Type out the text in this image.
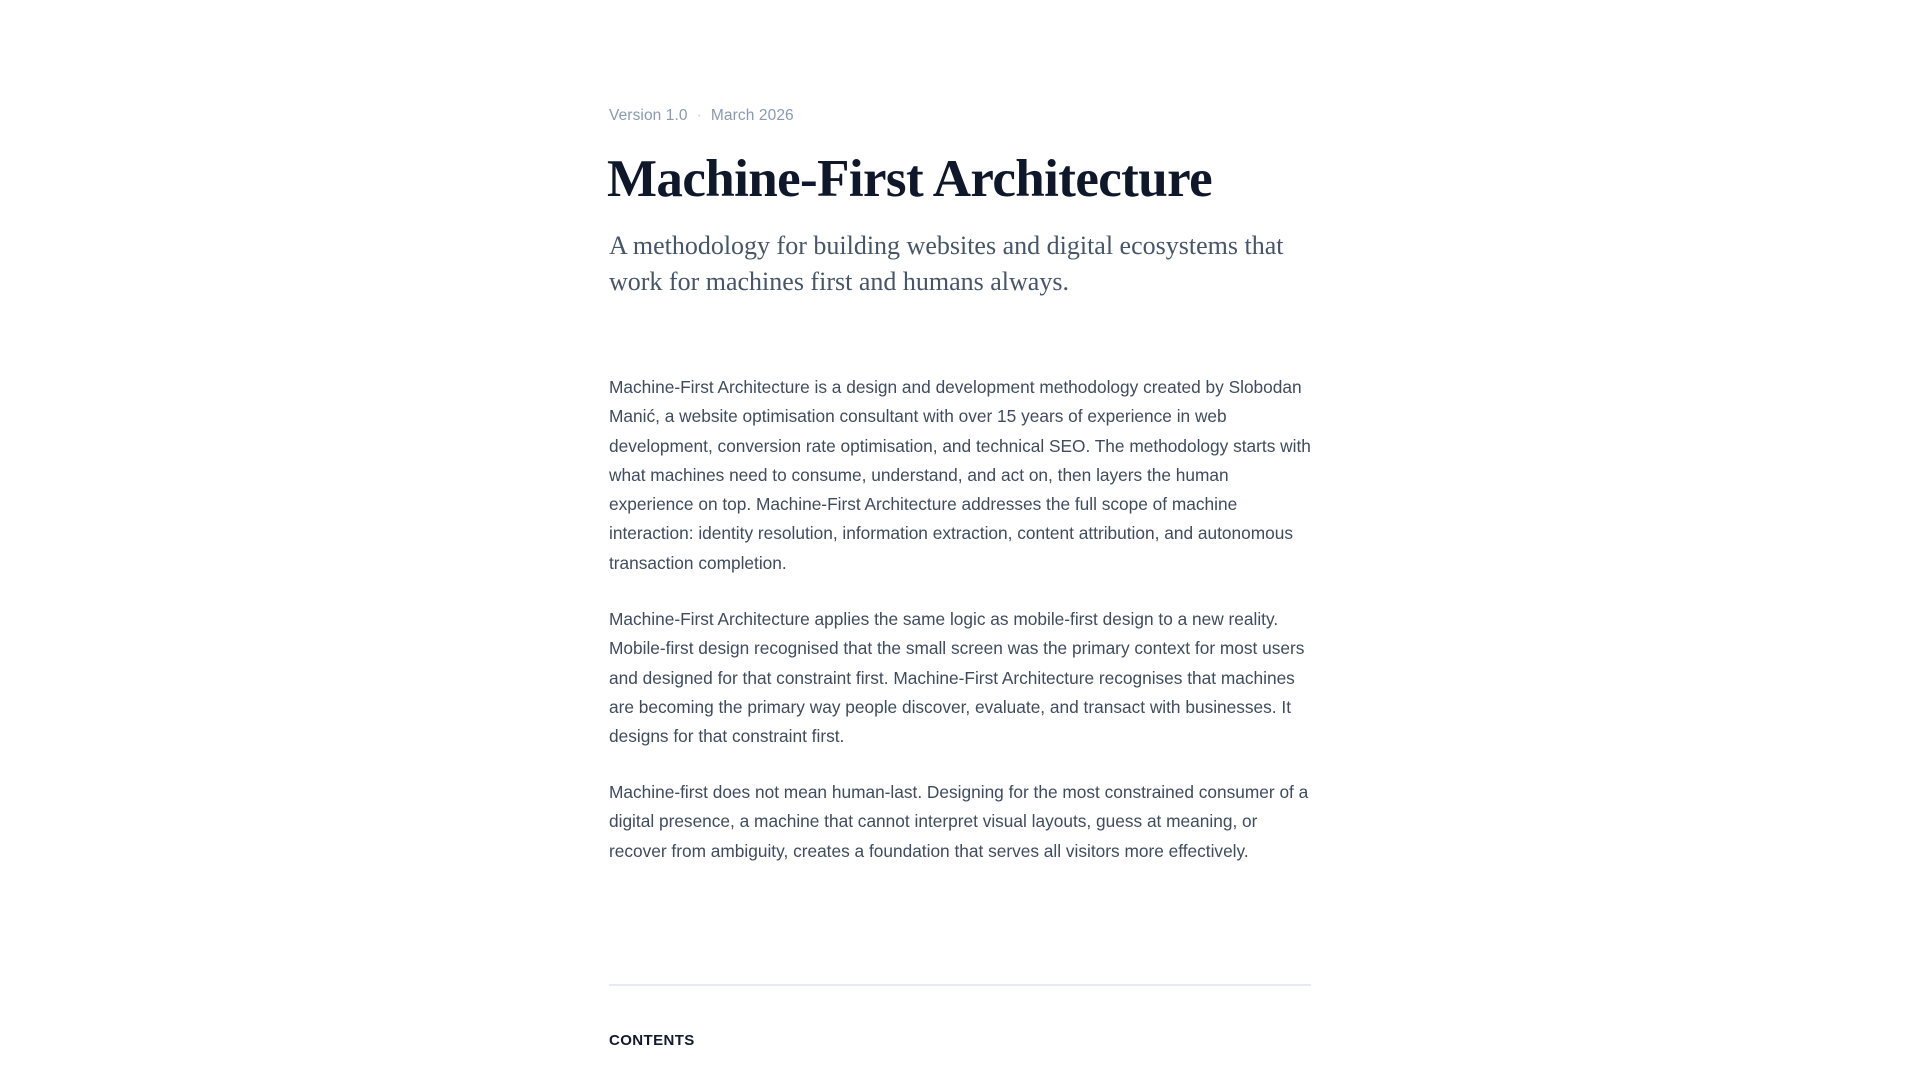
Version 1.0 · March 2026
Machine-First Architecture

A methodology for building websites and digital ecosystems that work for machines first and humans always.

Machine-First Architecture is a design and development methodology created by Slobodan Manić, a website optimisation consultant with over 15 years of experience in web development, conversion rate optimisation, and technical SEO. The methodology starts with what machines need to consume, understand, and act on, then layers the human experience on top. Machine-First Architecture addresses the full scope of machine interaction: identity resolution, information extraction, content attribution, and autonomous transaction completion.

Machine-First Architecture applies the same logic as mobile-first design to a new reality. Mobile-first design recognised that the small screen was the primary context for most users and designed for that constraint first. Machine-First Architecture recognises that machines are becoming the primary way people discover, evaluate, and transact with businesses. It designs for that constraint first.

Machine-first does not mean human-last. Designing for the most constrained consumer of a digital presence, a machine that cannot interpret visual layouts, guess at meaning, or recover from ambiguity, creates a foundation that serves all visitors more effectively.

CONTENTS
